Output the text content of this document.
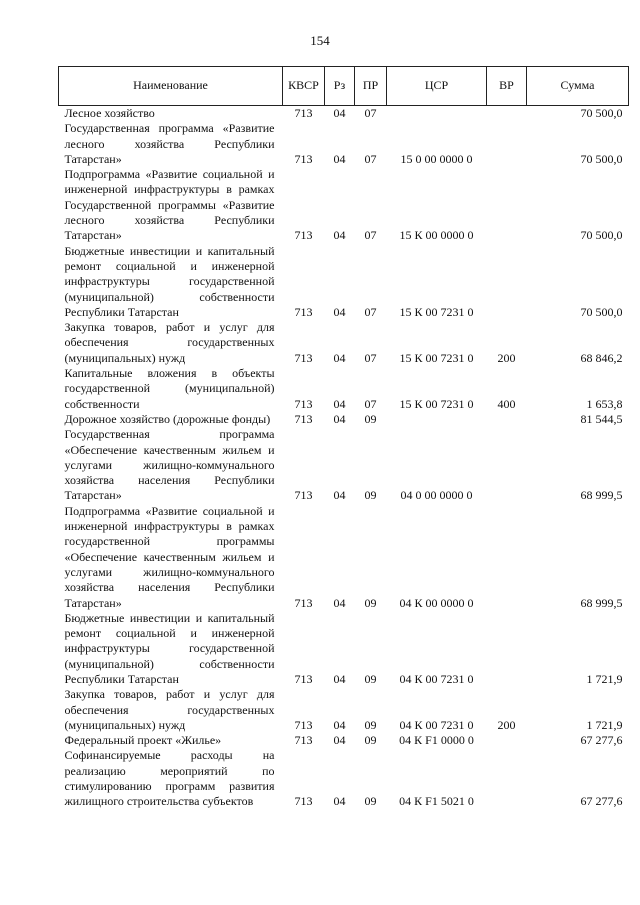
154
Наименование	КВСР	Рз	ПР	ЦСР	ВР	Сумма
Лесное хозяйство	713	04	07			70 500,0
Государственная программа «Развитие лесного хозяйства Республики Татарстан»	713	04	07	15 0 00 0000 0		70 500,0
Подпрограмма «Развитие социальной и инженерной инфраструктуры в рамках Государственной программы «Развитие лесного хозяйства Республики Татарстан»	713	04	07	15 К 00 0000 0		70 500,0
Бюджетные инвестиции и капитальный ремонт социальной и инженерной инфраструктуры государственной (муниципальной) собственности Республики Татарстан	713	04	07	15 К 00 7231 0		70 500,0
Закупка товаров, работ и услуг для обеспечения государственных (муниципальных) нужд	713	04	07	15 К 00 7231 0	200	68 846,2
Капитальные вложения в объекты государственной (муниципальной) собственности	713	04	07	15 К 00 7231 0	400	1 653,8
Дорожное хозяйство (дорожные фонды)	713	04	09			81 544,5
Государственная программа «Обеспечение качественным жильем и услугами жилищно-коммунального хозяйства населения Республики Татарстан»	713	04	09	04 0 00 0000 0		68 999,5
Подпрограмма «Развитие социальной и инженерной инфраструктуры в рамках государственной программы «Обеспечение качественным жильем и услугами жилищно-коммунального хозяйства населения Республики Татарстан»	713	04	09	04 К 00 0000 0		68 999,5
Бюджетные инвестиции и капитальный ремонт социальной и инженерной инфраструктуры государственной (муниципальной) собственности Республики Татарстан	713	04	09	04 К 00 7231 0		1 721,9
Закупка товаров, работ и услуг для обеспечения государственных (муниципальных) нужд	713	04	09	04 К 00 7231 0	200	1 721,9
Федеральный проект «Жилье»	713	04	09	04 К F1 0000 0		67 277,6
Софинансируемые расходы на реализацию мероприятий по стимулированию программ развития жилищного строительства субъектов	713	04	09	04 К F1 5021 0		67 277,6
